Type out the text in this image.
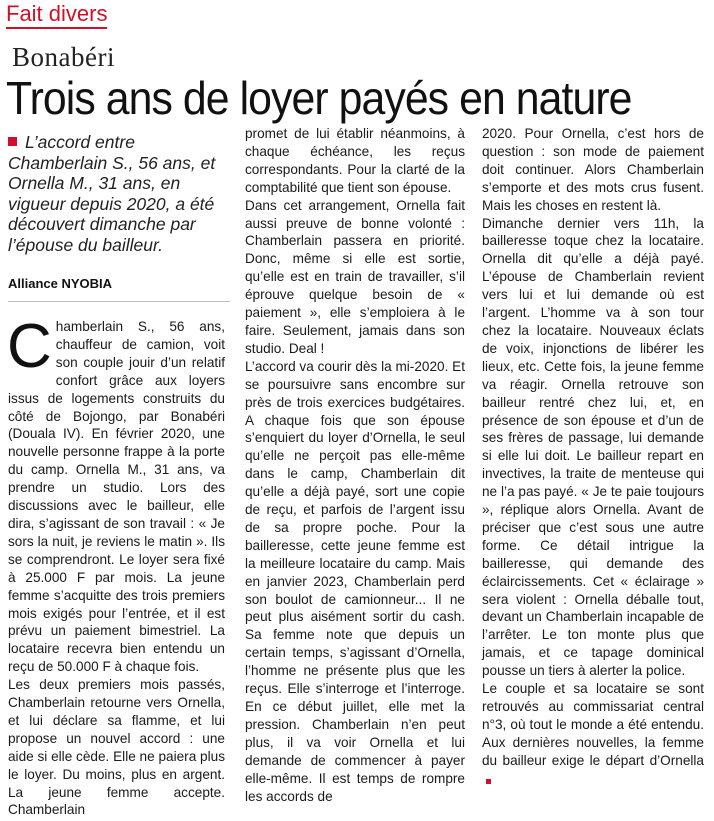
Fait divers
Bonabéri
Trois ans de loyer payés en nature
L’accord entre Chamberlain S., 56 ans, et Ornella M., 31 ans, en vigueur depuis 2020, a été découvert dimanche par l’épouse du bailleur.
Alliance NYOBIA

Chamberlain S., 56 ans, chauffeur de camion, voit son couple jouir d’un relatif confort grâce aux loyers issus de logements construits du côté de Bojongo, par Bonabéri (Douala IV). En février 2020, une nouvelle personne frappe à la porte du camp. Ornella M., 31 ans, va prendre un studio. Lors des discussions avec le bailleur, elle dira, s’agissant de son travail : « Je sors la nuit, je reviens le matin ». Ils se comprendront. Le loyer sera fixé à 25.000 F par mois. La jeune femme s’acquitte des trois premiers mois exigés pour l’entrée, et il est prévu un paiement bimestriel. La locataire recevra bien entendu un reçu de 50.000 F à chaque fois.

Les deux premiers mois passés, Chamberlain retourne vers Ornella, et lui déclare sa flamme, et lui propose un nouvel accord : une aide si elle cède. Elle ne paiera plus le loyer. Du moins, plus en argent. La jeune femme accepte. Chamberlain

promet de lui établir néanmoins, à chaque échéance, les reçus correspondants. Pour la clarté de la comptabilité que tient son épouse.

Dans cet arrangement, Ornella fait aussi preuve de bonne volonté : Chamberlain passera en priorité. Donc, même si elle est sortie, qu’elle est en train de travailler, s’il éprouve quelque besoin de « paiement », elle s’emploiera à le faire. Seulement, jamais dans son studio. Deal !

L’accord va courir dès la mi-2020. Et se poursuivre sans encombre sur près de trois exercices budgétaires. A chaque fois que son épouse s’enquiert du loyer d’Ornella, le seul qu’elle ne perçoit pas elle-même dans le camp, Chamberlain dit qu’elle a déjà payé, sort une copie de reçu, et parfois de l’argent issu de sa propre poche. Pour la bailleresse, cette jeune femme est la meilleure locataire du camp. Mais en janvier 2023, Chamberlain perd son boulot de camionneur... Il ne peut plus aisément sortir du cash. Sa femme note que depuis un certain temps, s’agissant d’Ornella, l’homme ne présente plus que les reçus. Elle s’interroge et l’interroge. En ce début juillet, elle met la pression. Chamberlain n’en peut plus, il va voir Ornella et lui demande de commencer à payer elle-même. Il est temps de rompre les accords de

2020. Pour Ornella, c’est hors de question : son mode de paiement doit continuer. Alors Chamberlain s’emporte et des mots crus fusent. Mais les choses en restent là.

Dimanche dernier vers 11h, la bailleresse toque chez la locataire. Ornella dit qu’elle a déjà payé. L’épouse de Chamberlain revient vers lui et lui demande où est l’argent. L’homme va à son tour chez la locataire. Nouveaux éclats de voix, injonctions de libérer les lieux, etc. Cette fois, la jeune femme va réagir. Ornella retrouve son bailleur rentré chez lui, et, en présence de son épouse et d’un de ses frères de passage, lui demande si elle lui doit. Le bailleur repart en invectives, la traite de menteuse qui ne l’a pas payé. « Je te paie toujours », réplique alors Ornella. Avant de préciser que c’est sous une autre forme. Ce détail intrigue la bailleresse, qui demande des éclaircissements. Cet « éclairage » sera violent : Ornella déballe tout, devant un Chamberlain incapable de l’arrêter. Le ton monte plus que jamais, et ce tapage dominical pousse un tiers à alerter la police.

Le couple et sa locataire se sont retrouvés au commissariat central n°3, où tout le monde a été entendu. Aux dernières nouvelles, la femme du bailleur exige le départ d’Ornella
